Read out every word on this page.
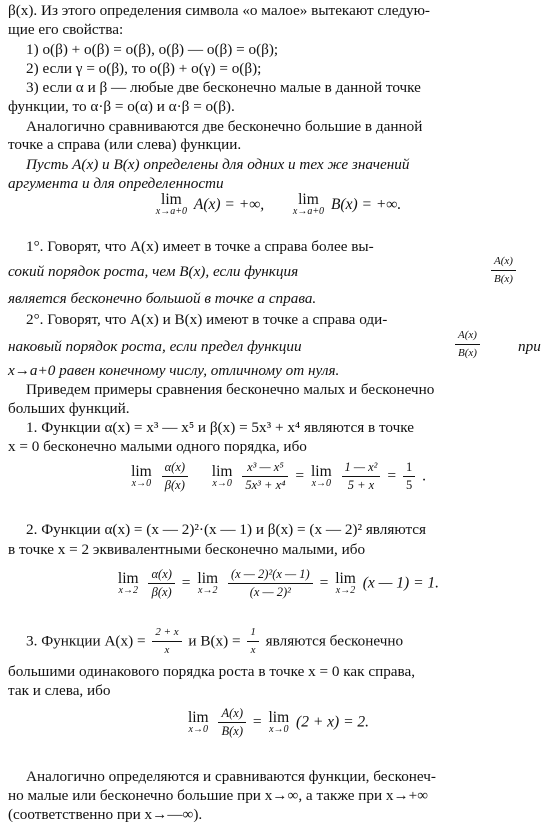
β(x). Из этого определения символа «о малое» вытекают следую-
щие его свойства:
1) o(β) + o(β) = o(β), o(β) — o(β) = o(β);
2) если γ = o(β), то o(β) + o(γ) = o(β);
3) если α и β — любые две бесконечно малые в данной точке
функции, то α·β = o(α) и α·β = o(β).
Аналогично сравниваются две бесконечно большие в данной
точке a справа (или слева) функции.
Пусть A(x) и B(x) определены для одних и тех же значений
аргумента и для определенности
lim
x→a+0 A(x) = +∞,	lim
x→a+0 B(x) = +∞.
1°. Говорят, что A(x) имеет в точке a справа более вы-
сокий порядок роста, чем B(x), если функция	$\frac{A(x)}{B(x)}$
является бесконечно большой в точке a справа.
2°. Говорят, что A(x) и B(x) имеют в точке a справа оди-
наковый порядок роста, если предел функции	$\frac{A(x)}{B(x)}$	при
x→a+0 равен конечному числу, отличному от нуля.
Приведем примеры сравнения бесконечно малых и бесконечно
больших функций.
1. Функции α(x) = x³ — x⁵ и β(x) = 5x³ + x⁴ являются в точке
x = 0 бесконечно малыми одного порядка, ибо
lim
x→0
$\frac{\alpha(x)}{\beta(x)}$
lim
x→0
$\frac{\text{x³ — x⁵}}{\text{5x³ + x⁴}} = \lim$
x→0
$\frac{\text{1 — x²}}{5 + x} = \frac{1}{5}$ .
2. Функции α(x) = (x — 2)²·(x — 1) и β(x) = (x — 2)² являются
в точке x = 2 эквивалентными бесконечно малыми, ибо
lim
x→2
$\frac{\alpha(x)}{\beta(x)} = \lim$
x→2
$\frac{\text{(x — 2)²(x — 1)}}{\text{(x — 2)²}} = \lim$
x→2 (x — 1) = 1.
3. Функции $A(x) = \frac{2 + x}{x}$ и $B(x) = \frac{1}{x}$ являются бесконечно
большими одинакового порядка роста в точке x = 0 как справа,
так и слева, ибо
lim
x→0
$\frac{A(x)}{B(x)} = \lim$
x→0 (2 + x) = 2.
Аналогично определяются и сравниваются функции, бесконеч-
но малые или бесконечно большие при x→∞, а также при x→+∞
(соответственно при x→—∞).
